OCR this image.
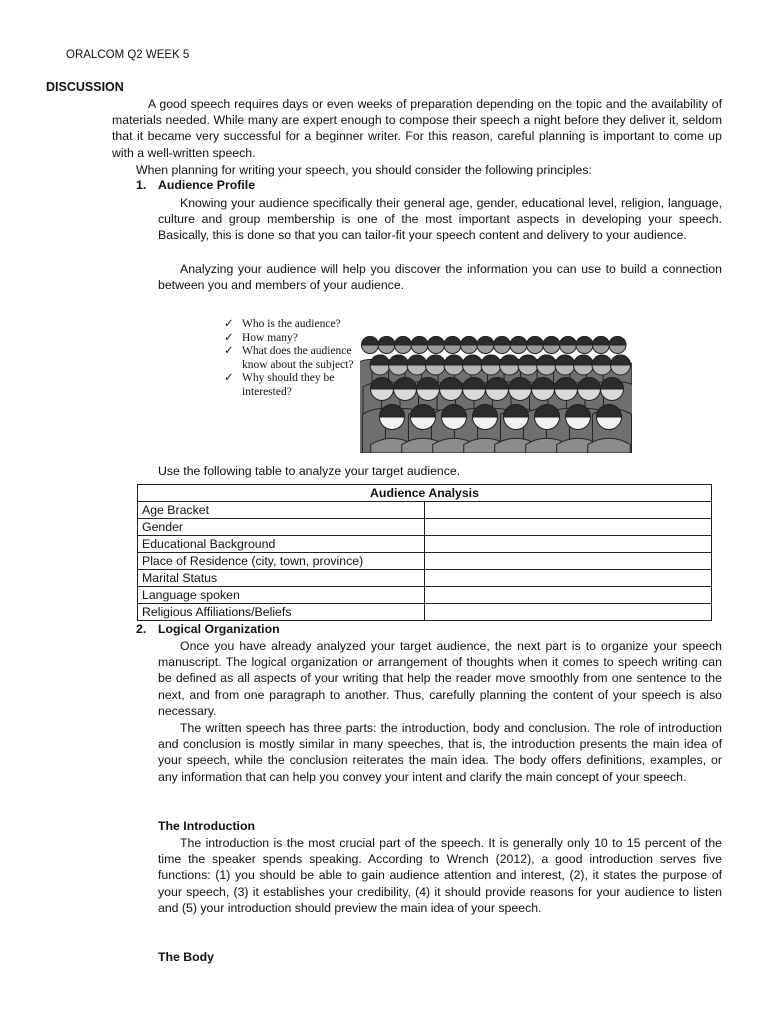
ORALCOM Q2 WEEK 5
DISCUSSION

A good speech requires days or even weeks of preparation depending on the topic and the availability of materials needed. While many are expert enough to compose their speech a night before they deliver it, seldom that it became very successful for a beginner writer. For this reason, careful planning is important to come up with a well-written speech.

When planning for writing your speech, you should consider the following principles:

1. Audience Profile

Knowing your audience specifically their general age, gender, educational level, religion, language, culture and group membership is one of the most important aspects in developing your speech. Basically, this is done so that you can tailor-fit your speech content and delivery to your audience.

Analyzing your audience will help you discover the information you can use to build a connection between you and members of your audience.

✓ Who is the audience?
✓ How many?
✓ What does the audience know about the subject?
✓ Why should they be interested?
Use the following table to analyze your target audience.
Audience Analysis	
Age Bracket	
Gender	
Educational Background	
Place of Residence (city, town, province)	
Marital Status	
Language spoken	
Religious Affiliations/Beliefs	
2. Logical Organization

Once you have already analyzed your target audience, the next part is to organize your speech manuscript. The logical organization or arrangement of thoughts when it comes to speech writing can be defined as all aspects of your writing that help the reader move smoothly from one sentence to the next, and from one paragraph to another. Thus, carefully planning the content of your speech is also necessary.

The written speech has three parts: the introduction, body and conclusion. The role of introduction and conclusion is mostly similar in many speeches, that is, the introduction presents the main idea of your speech, while the conclusion reiterates the main idea. The body offers definitions, examples, or any information that can help you convey your intent and clarify the main concept of your speech.

The Introduction

The introduction is the most crucial part of the speech. It is generally only 10 to 15 percent of the time the speaker spends speaking. According to Wrench (2012), a good introduction serves five functions: (1) you should be able to gain audience attention and interest, (2), it states the purpose of your speech, (3) it establishes your credibility, (4) it should provide reasons for your audience to listen and (5) your introduction should preview the main idea of your speech.

The Body
